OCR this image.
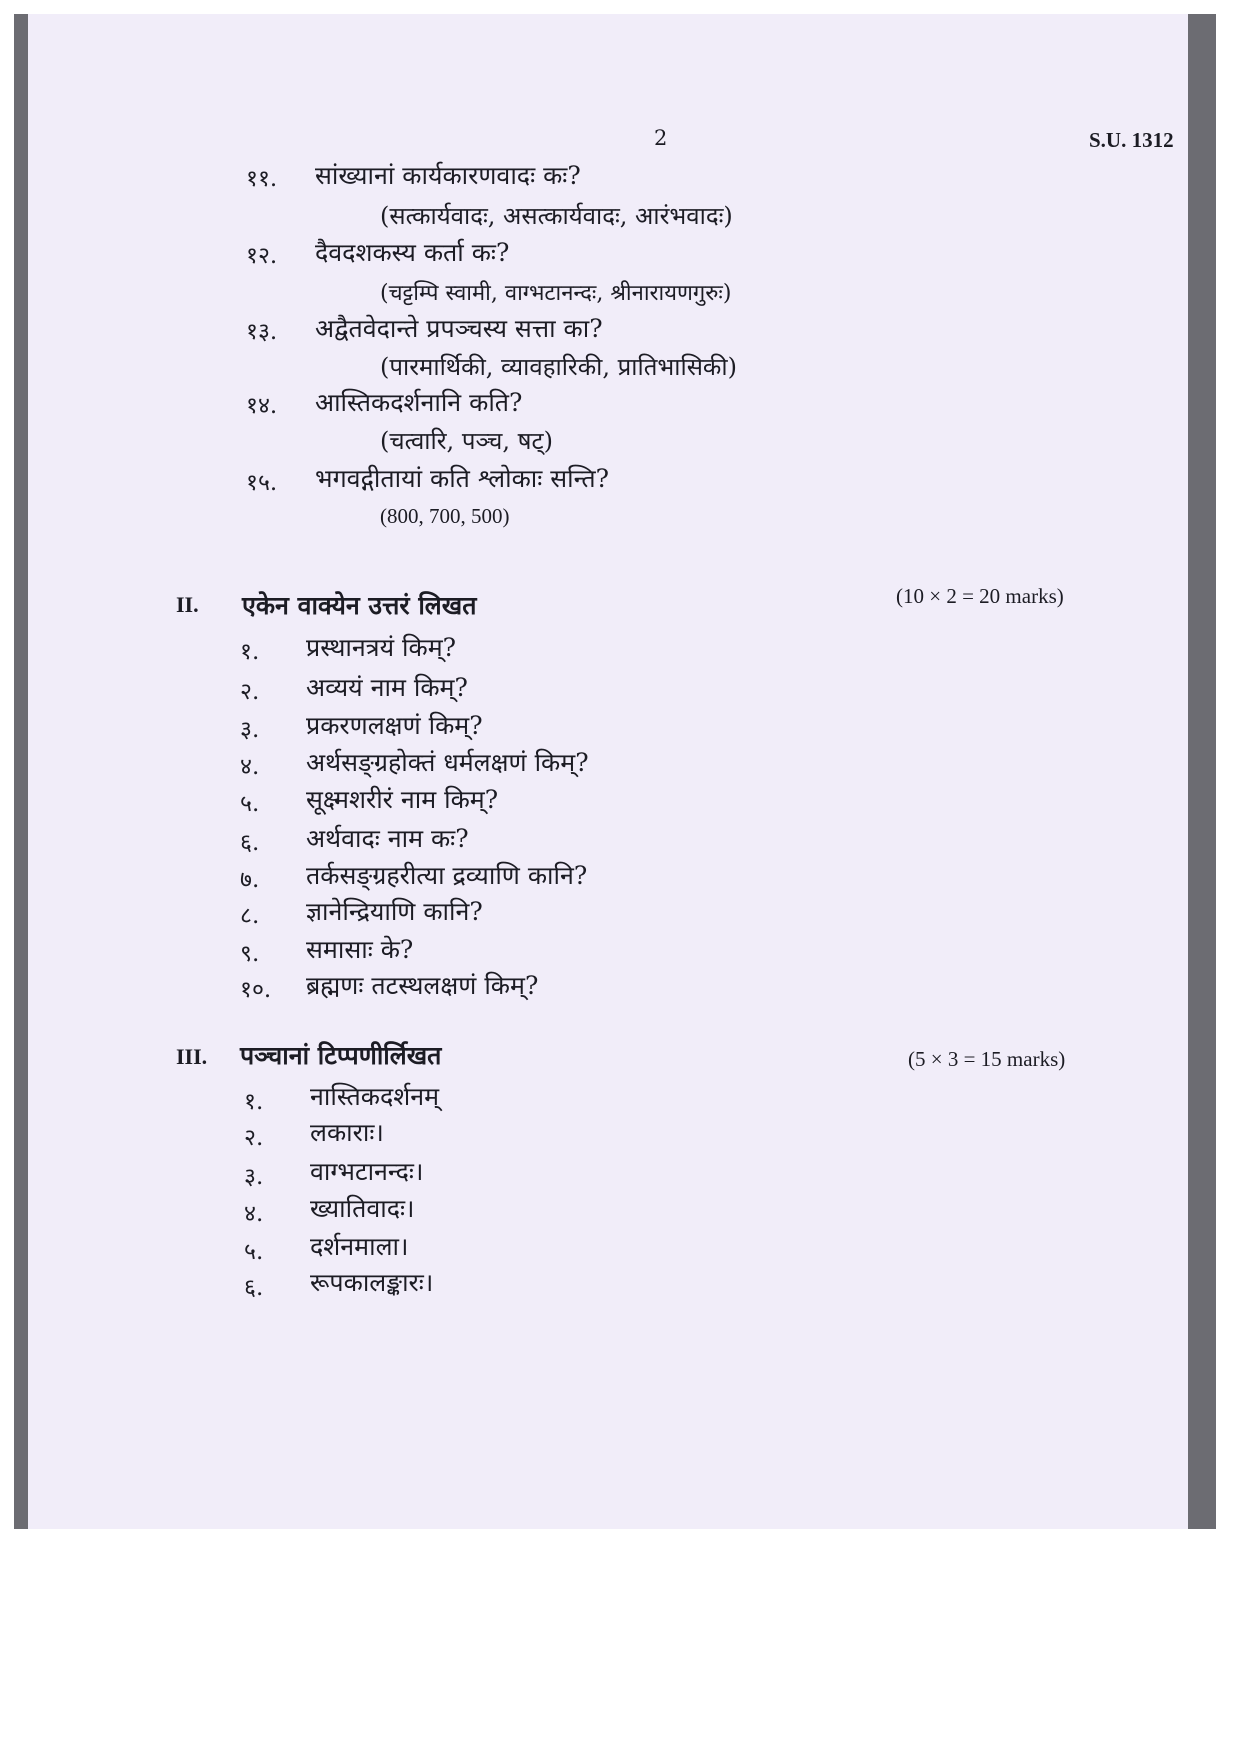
2	S.U. 1312
११. सांख्यानां कार्यकारणवादः कः?
(सत्कार्यवादः, असत्कार्यवादः, आरंभवादः)
१२. दैवदशकस्य कर्ता कः?
(चट्टम्पि स्वामी, वाग्भटानन्दः, श्रीनारायणगुरुः)
१३. अद्वैतवेदान्ते प्रपञ्चस्य सत्ता का?
(पारमार्थिकी, व्यावहारिकी, प्रातिभासिकी)
१४. आस्तिकदर्शनानि कति?
(चत्वारि, पञ्च, षट्)
१५. भगवद्गीतायां कति श्लोकाः सन्ति?
(800, 700, 500)
II. एकेन वाक्येन उत्तरं लिखत	(10 × 2 = 20 marks)
१. प्रस्थानत्रयं किम्?
२. अव्ययं नाम किम्?
३. प्रकरणलक्षणं किम्?
४. अर्थसङ्ग्रहोक्तं धर्मलक्षणं किम्?
५. सूक्ष्मशरीरं नाम किम्?
६. अर्थवादः नाम कः?
७. तर्कसङ्ग्रहरीत्या द्रव्याणि कानि?
८. ज्ञानेन्द्रियाणि कानि?
९. समासाः के?
१०. ब्रह्मणः तटस्थलक्षणं किम्?
III. पञ्चानां टिप्पणीर्लिखत	(5 × 3 = 15 marks)
१. नास्तिकदर्शनम्
२. लकाराः।
३. वाग्भटानन्दः।
४. ख्यातिवादः।
५. दर्शनमाला।
६. रूपकालङ्कारः।
